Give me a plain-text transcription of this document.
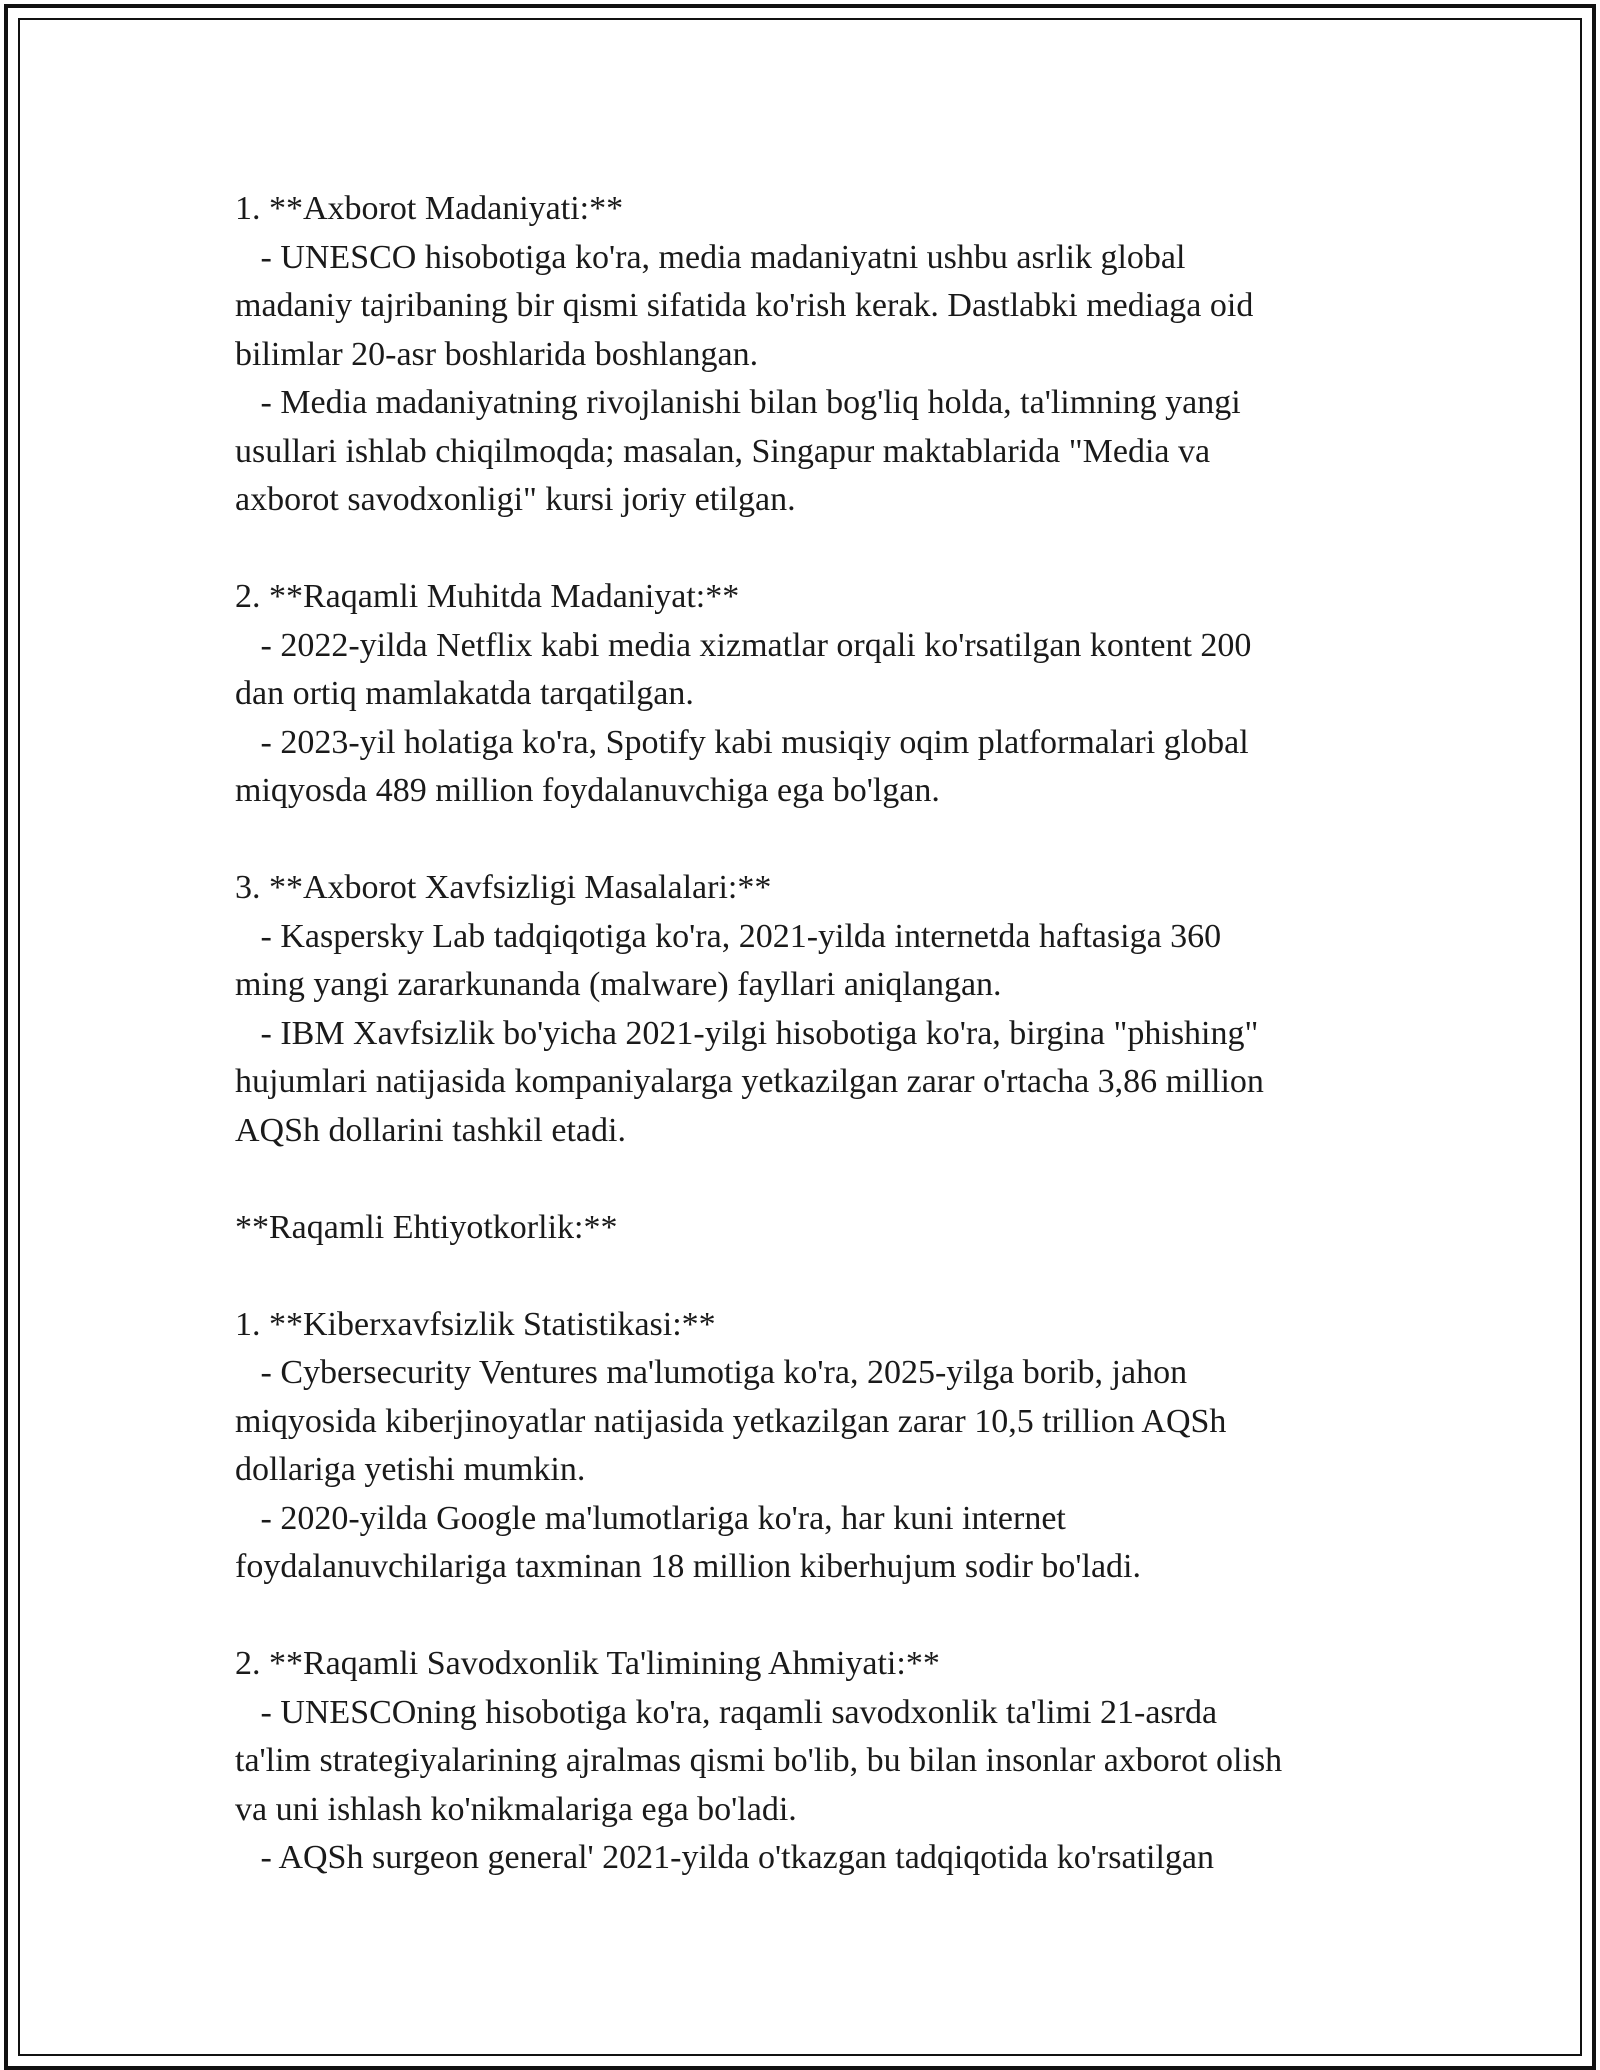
1. **Axborot Madaniyati:**
- UNESCO hisobotiga ko'ra, media madaniyatni ushbu asrlik global
madaniy tajribaning bir qismi sifatida ko'rish kerak. Dastlabki mediaga oid
bilimlar 20-asr boshlarida boshlangan.
- Media madaniyatning rivojlanishi bilan bog'liq holda, ta'limning yangi
usullari ishlab chiqilmoqda; masalan, Singapur maktablarida "Media va
axborot savodxonligi" kursi joriy etilgan.
2. **Raqamli Muhitda Madaniyat:**
- 2022-yilda Netflix kabi media xizmatlar orqali ko'rsatilgan kontent 200
dan ortiq mamlakatda tarqatilgan.
- 2023-yil holatiga ko'ra, Spotify kabi musiqiy oqim platformalari global
miqyosda 489 million foydalanuvchiga ega bo'lgan.
3. **Axborot Xavfsizligi Masalalari:**
- Kaspersky Lab tadqiqotiga ko'ra, 2021-yilda internetda haftasiga 360
ming yangi zararkunanda (malware) fayllari aniqlangan.
- IBM Xavfsizlik bo'yicha 2021-yilgi hisobotiga ko'ra, birgina "phishing"
hujumlari natijasida kompaniyalarga yetkazilgan zarar o'rtacha 3,86 million
AQSh dollarini tashkil etadi.
**Raqamli Ehtiyotkorlik:**
1. **Kiberxavfsizlik Statistikasi:**
- Cybersecurity Ventures ma'lumotiga ko'ra, 2025-yilga borib, jahon
miqyosida kiberjinoyatlar natijasida yetkazilgan zarar 10,5 trillion AQSh
dollariga yetishi mumkin.
- 2020-yilda Google ma'lumotlariga ko'ra, har kuni internet
foydalanuvchilariga taxminan 18 million kiberhujum sodir bo'ladi.
2. **Raqamli Savodxonlik Ta'limining Ahmiyati:**
- UNESCOning hisobotiga ko'ra, raqamli savodxonlik ta'limi 21-asrda
ta'lim strategiyalarining ajralmas qismi bo'lib, bu bilan insonlar axborot olish
va uni ishlash ko'nikmalariga ega bo'ladi.
- AQSh surgeon general' 2021-yilda o'tkazgan tadqiqotida ko'rsatilgan
